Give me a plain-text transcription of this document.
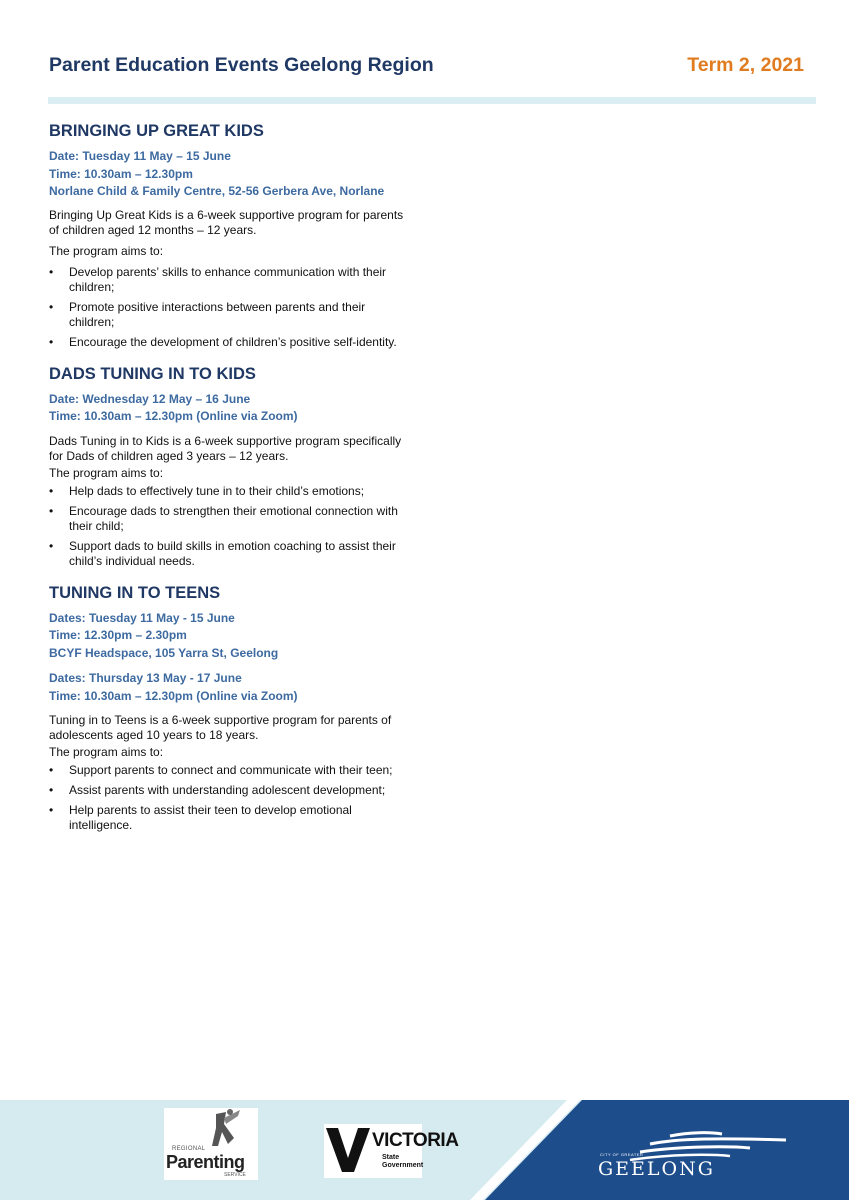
Parent Education Events Geelong Region	Term 2, 2021
BRINGING UP GREAT KIDS

Date: Tuesday 11 May – 15 June

Time: 10.30am – 12.30pm

Norlane Child & Family Centre, 52-56 Gerbera Ave, Norlane

Bringing Up Great Kids is a 6-week supportive program for parents of children aged 12 months – 12 years.

The program aims to:

• Develop parents’ skills to enhance communication with their children;
• Promote positive interactions between parents and their children;
• Encourage the development of children’s positive self-identity.
DADS TUNING IN TO KIDS

Date: Wednesday 12 May – 16 June

Time: 10.30am – 12.30pm (Online via Zoom)

Dads Tuning in to Kids is a 6-week supportive program specifically for Dads of children aged 3 years – 12 years.

The program aims to:

• Help dads to effectively tune in to their child’s emotions;
• Encourage dads to strengthen their emotional connection with their child;
• Support dads to build skills in emotion coaching to assist their child’s individual needs.
TUNING IN TO TEENS

Dates: Tuesday 11 May - 15 June

Time: 12.30pm – 2.30pm

BCYF Headspace, 105 Yarra St, Geelong

Dates: Thursday 13 May - 17 June

Time: 10.30am – 12.30pm (Online via Zoom)

Tuning in to Teens is a 6-week supportive program for parents of adolescents aged 10 years to 18 years.

The program aims to:

• Support parents to connect and communicate with their teen;
• Assist parents with understanding adolescent development;
• Help parents to assist their teen to develop emotional intelligence.
REGIONAL
Parenting
SERVICE
VICTORIA
State
Government
CITY OF GREATER
GEELONG
